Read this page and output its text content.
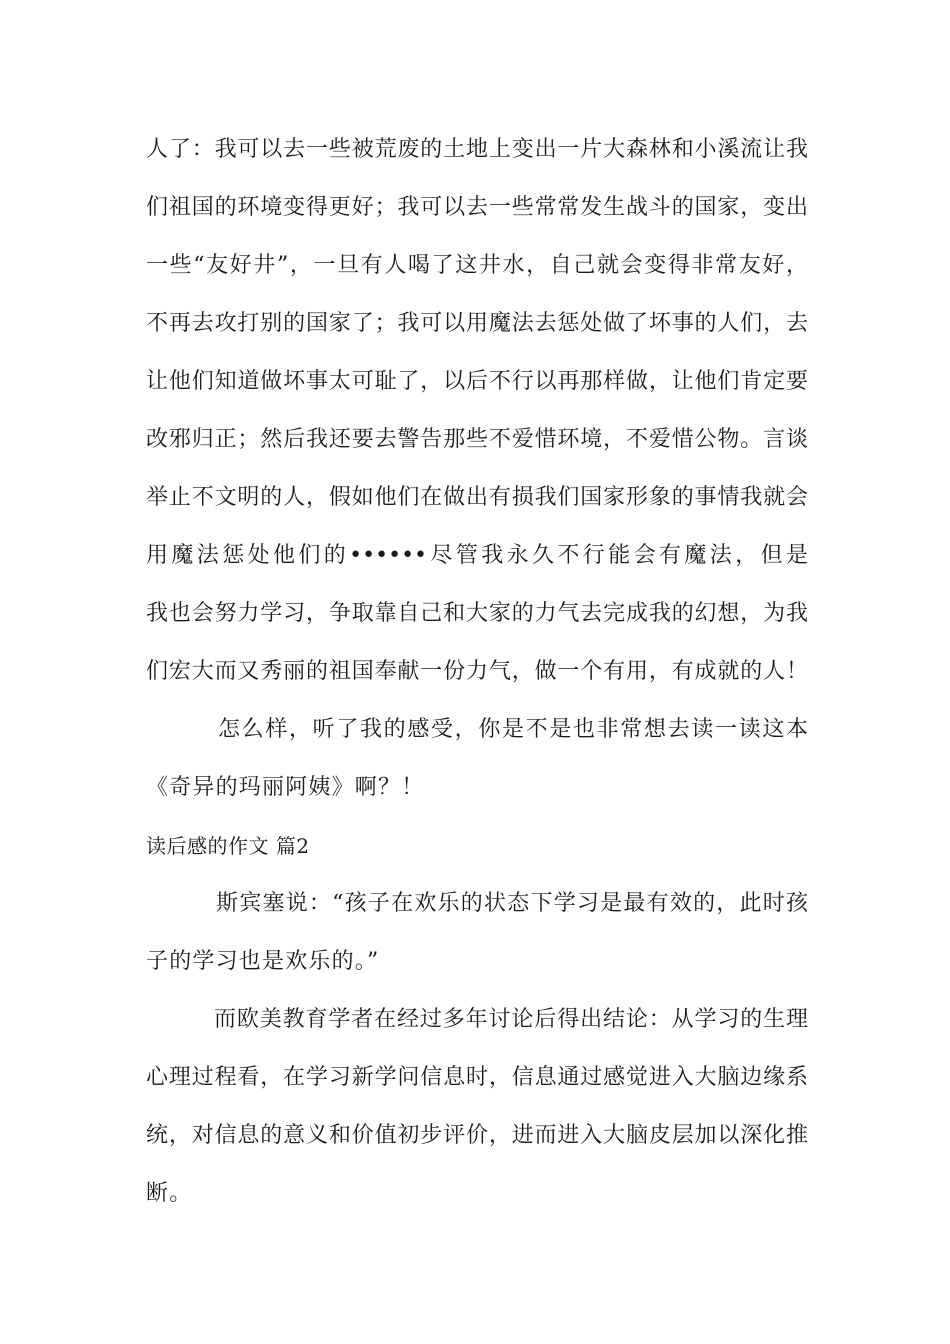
人了：我可以去一些被荒废的土地上变出一片大森林和小溪流让我
们祖国的环境变得更好；我可以去一些常常发生战斗的国家，变出
一些“友好井”，一旦有人喝了这井水，自己就会变得非常友好，
不再去攻打别的国家了；我可以用魔法去惩处做了坏事的人们，去
让他们知道做坏事太可耻了，以后不行以再那样做，让他们肯定要
改邪归正；然后我还要去警告那些不爱惜环境，不爱惜公物。言谈
举止不文明的人，假如他们在做出有损我们国家形象的事情我就会
用魔法惩处他们的••••••尽管我永久不行能会有魔法，但是
我也会努力学习，争取靠自己和大家的力气去完成我的幻想，为我
们宏大而又秀丽的祖国奉献一份力气，做一个有用，有成就的人！
怎么样，听了我的感受，你是不是也非常想去读一读这本
《奇异的玛丽阿姨》啊？！
读后感的作文 篇2
斯宾塞说：“孩子在欢乐的状态下学习是最有效的，此时孩
子的学习也是欢乐的。”
而欧美教育学者在经过多年讨论后得出结论：从学习的生理
心理过程看，在学习新学问信息时，信息通过感觉进入大脑边缘系
统，对信息的意义和价值初步评价，进而进入大脑皮层加以深化推
断。
